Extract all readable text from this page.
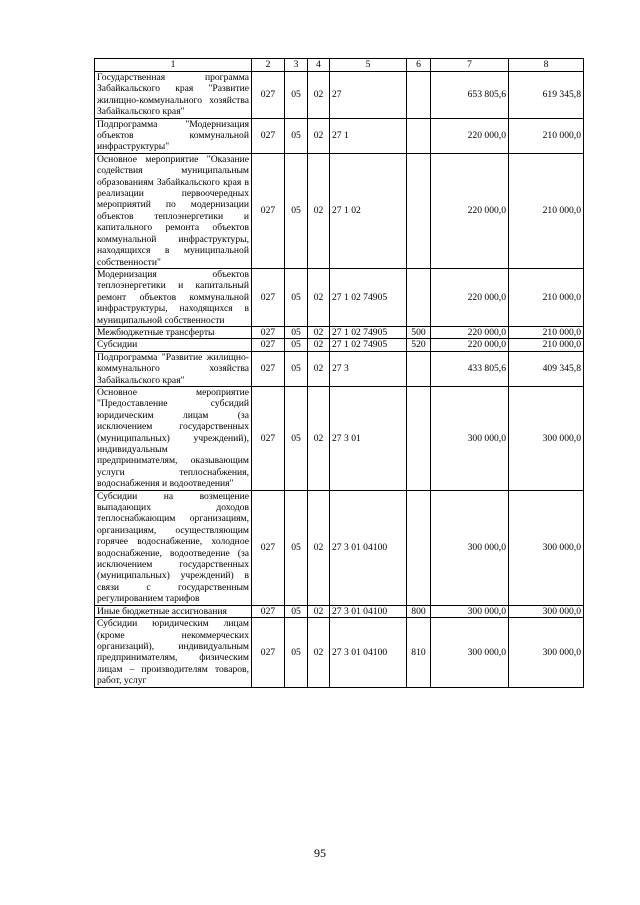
1	2	3	4	5	6	7	8
Государственная программа Забайкальского края "Развитие жилищно-коммунального хозяйства Забайкальского края"	027	05	02	27		653 805,6	619 345,8
Подпрограмма "Модернизация объектов коммунальной инфраструктуры"	027	05	02	27 1		220 000,0	210 000,0
Основное мероприятие "Оказание содействия муниципальным образованиям Забайкальского края в реализации первоочередных мероприятий по модернизации объектов теплоэнергетики и капитального ремонта объектов коммунальной инфраструктуры, находящихся в муниципальной собственности"	027	05	02	27 1 02		220 000,0	210 000,0
Модернизация объектов теплоэнергетики и капитальный ремонт объектов коммунальной инфраструктуры, находящихся в муниципальной собственности	027	05	02	27 1 02 74905		220 000,0	210 000,0
Межбюджетные трансферты	027	05	02	27 1 02 74905	500	220 000,0	210 000,0
Субсидии	027	05	02	27 1 02 74905	520	220 000,0	210 000,0
Подпрограмма "Развитие жилищно-коммунального хозяйства Забайкальского края"	027	05	02	27 3		433 805,6	409 345,8
Основное мероприятие "Предоставление субсидий юридическим лицам (за исключением государственных (муниципальных) учреждений), индивидуальным предпринимателям, оказывающим услуги теплоснабжения, водоснабжения и водоотведения"	027	05	02	27 3 01		300 000,0	300 000,0
Субсидии на возмещение выпадающих доходов теплоснабжающим организациям, организациям, осуществляющим горячее водоснабжение, холодное водоснабжение, водоотведение (за исключением государственных (муниципальных) учреждений) в связи с государственным регулированием тарифов	027	05	02	27 3 01 04100		300 000,0	300 000,0
Иные бюджетные ассигнования	027	05	02	27 3 01 04100	800	300 000,0	300 000,0
Субсидии юридическим лицам (кроме некоммерческих организаций), индивидуальным предпринимателям, физическим лицам – производителям товаров, работ, услуг	027	05	02	27 3 01 04100	810	300 000,0	300 000,0
95
